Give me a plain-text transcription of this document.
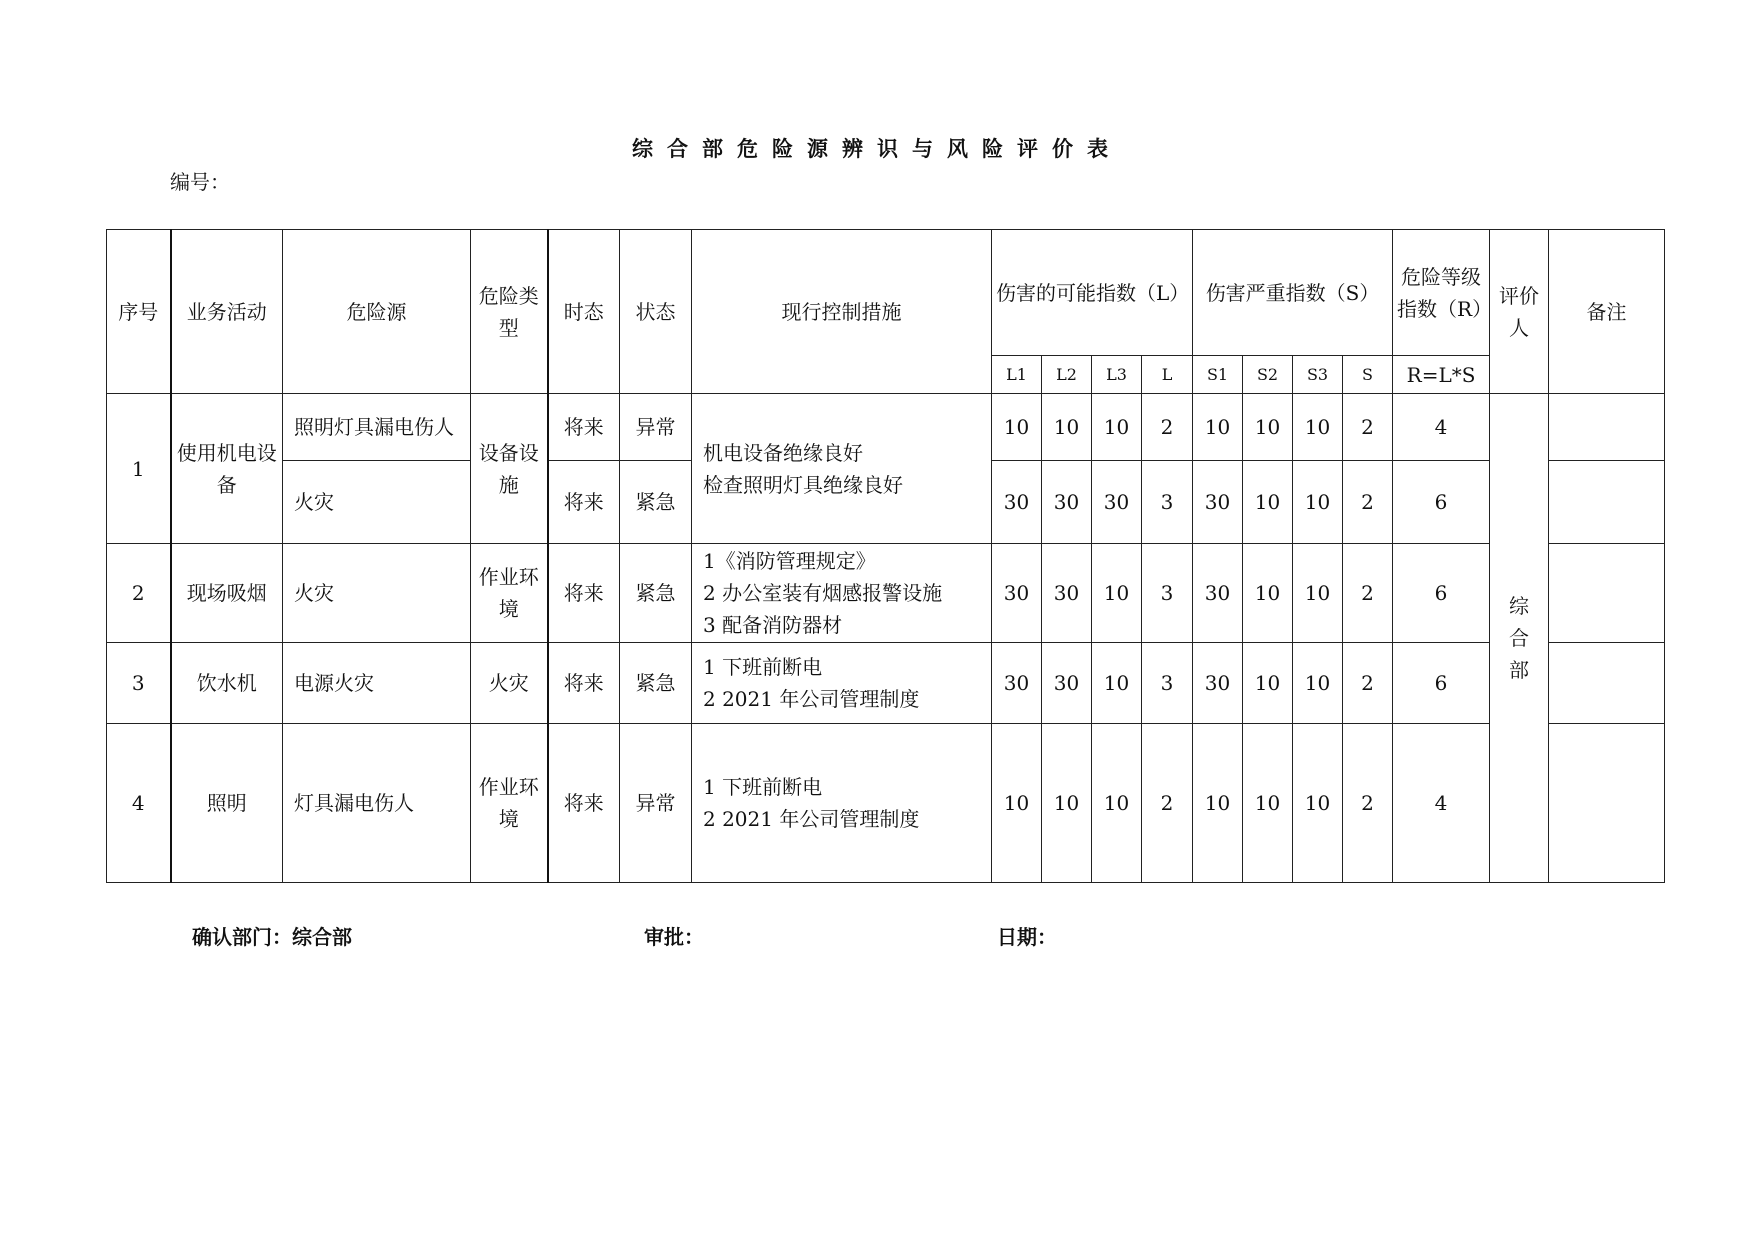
综合部危险源辨识与风险评价表
编号：
序号	业务活动	危险源	危险类型	时态	状态	现行控制措施	伤害的可能指数（L）				伤害严重指数（S）				危险等级指数（R）	评价人	备注
							L1	L2	L3	L	S1	S2	S3	S	R=L*S		
1	使用机电设备	照明灯具漏电伤人	设备设施	将来	异常	机电设备绝缘良好
检查照明灯具绝缘良好	10	10	10	2	10	10	10	2	4	综合部	
		火灾		将来	紧急		30	30	30	3	30	10	10	2	6		
2	现场吸烟	火灾	作业环境	将来	紧急	1《消防管理规定》
2 办公室装有烟感报警设施
3 配备消防器材	30	30	10	3	30	10	10	2	6		
3	饮水机	电源火灾	火灾	将来	紧急	1 下班前断电
2 2021 年公司管理制度	30	30	10	3	30	10	10	2	6		
4	照明	灯具漏电伤人	作业环境	将来	异常	1 下班前断电
2 2021 年公司管理制度	10	10	10	2	10	10	10	2	4		
确认部门：综合部	审批：	日期：
